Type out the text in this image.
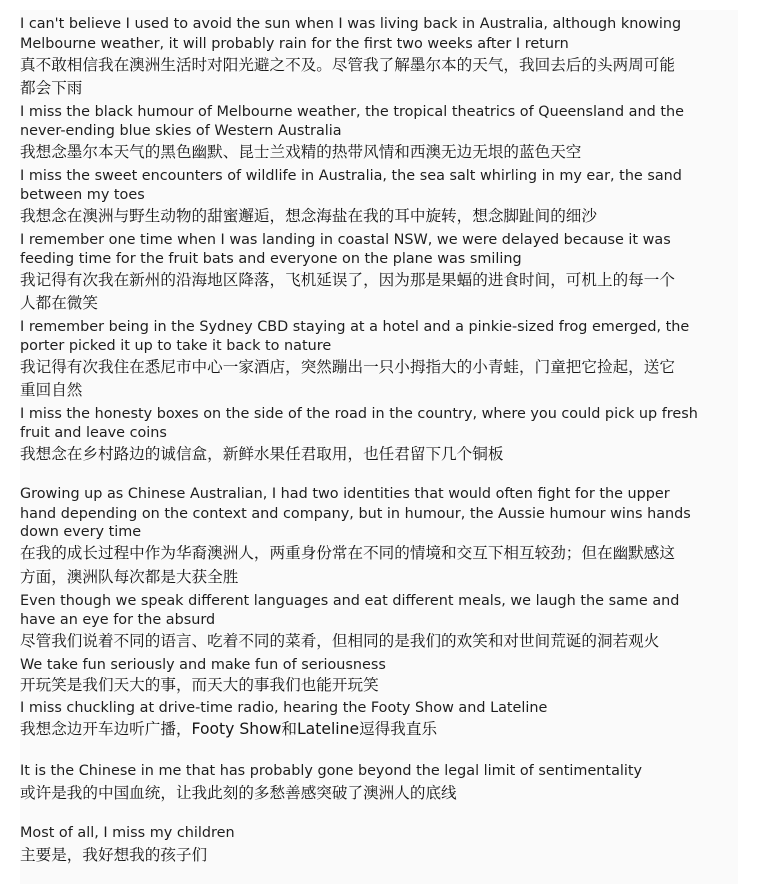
I can't believe I used to avoid the sun when I was living back in Australia, although knowing
Melbourne weather, it will probably rain for the first two weeks after I return
真不敢相信我在澳洲生活时对阳光避之不及。尽管我了解墨尔本的天气，我回去后的头两周可能
都会下雨
I miss the black humour of Melbourne weather, the tropical theatrics of Queensland and the
never-ending blue skies of Western Australia
我想念墨尔本天气的黑色幽默、昆士兰戏精的热带风情和西澳无边无垠的蓝色天空
I miss the sweet encounters of wildlife in Australia, the sea salt whirling in my ear, the sand
between my toes
我想念在澳洲与野生动物的甜蜜邂逅，想念海盐在我的耳中旋转，想念脚趾间的细沙
I remember one time when I was landing in coastal NSW, we were delayed because it was
feeding time for the fruit bats and everyone on the plane was smiling
我记得有次我在新州的沿海地区降落，飞机延误了，因为那是果蝠的进食时间，可机上的每一个
人都在微笑
I remember being in the Sydney CBD staying at a hotel and a pinkie-sized frog emerged, the
porter picked it up to take it back to nature
我记得有次我住在悉尼市中心一家酒店，突然蹦出一只小拇指大的小青蛙，门童把它捡起，送它
重回自然
I miss the honesty boxes on the side of the road in the country, where you could pick up fresh
fruit and leave coins
我想念在乡村路边的诚信盒，新鲜水果任君取用，也任君留下几个铜板
Growing up as Chinese Australian, I had two identities that would often fight for the upper
hand depending on the context and company, but in humour, the Aussie humour wins hands
down every time
在我的成长过程中作为华裔澳洲人，两重身份常在不同的情境和交互下相互较劲；但在幽默感这
方面，澳洲队每次都是大获全胜
Even though we speak different languages and eat different meals, we laugh the same and
have an eye for the absurd
尽管我们说着不同的语言、吃着不同的菜肴，但相同的是我们的欢笑和对世间荒诞的洞若观火
We take fun seriously and make fun of seriousness
开玩笑是我们天大的事，而天大的事我们也能开玩笑
I miss chuckling at drive-time radio, hearing the Footy Show and Lateline
我想念边开车边听广播，Footy Show和Lateline逗得我直乐
It is the Chinese in me that has probably gone beyond the legal limit of sentimentality
或许是我的中国血统，让我此刻的多愁善感突破了澳洲人的底线
Most of all, I miss my children
主要是，我好想我的孩子们
